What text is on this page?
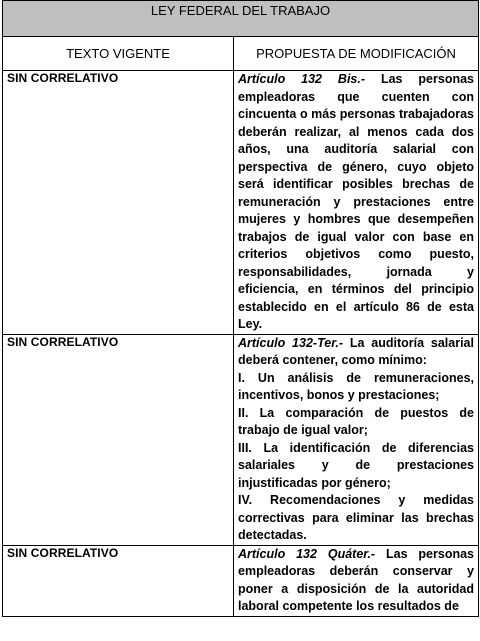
LEY FEDERAL DEL TRABAJO	
TEXTO VIGENTE	PROPUESTA DE MODIFICACIÓN
SIN CORRELATIVO	Artículo 132 Bis.- Las personas empleadoras que cuenten con cincuenta o más personas trabajadoras deberán realizar, al menos cada dos años, una auditoría salarial con perspectiva de género, cuyo objeto será identificar posibles brechas de remuneración y prestaciones entre mujeres y hombres que desempeñen trabajos de igual valor con base en criterios objetivos como puesto, responsabilidades, jornada y eficiencia, en términos del principio establecido en el artículo 86 de esta Ley.

SIN CORRELATIVO	Artículo 132-Ter.- La auditoría salarial deberá contener, como mínimo:
I. Un análisis de remuneraciones, incentivos, bonos y prestaciones;
II. La comparación de puestos de trabajo de igual valor;
III. La identificación de diferencias salariales y de prestaciones injustificadas por género;
IV. Recomendaciones y medidas correctivas para eliminar las brechas detectadas.

SIN CORRELATIVO	Artículo 132 Quáter.- Las personas empleadoras deberán conservar y poner a disposición de la autoridad laboral competente los resultados de
